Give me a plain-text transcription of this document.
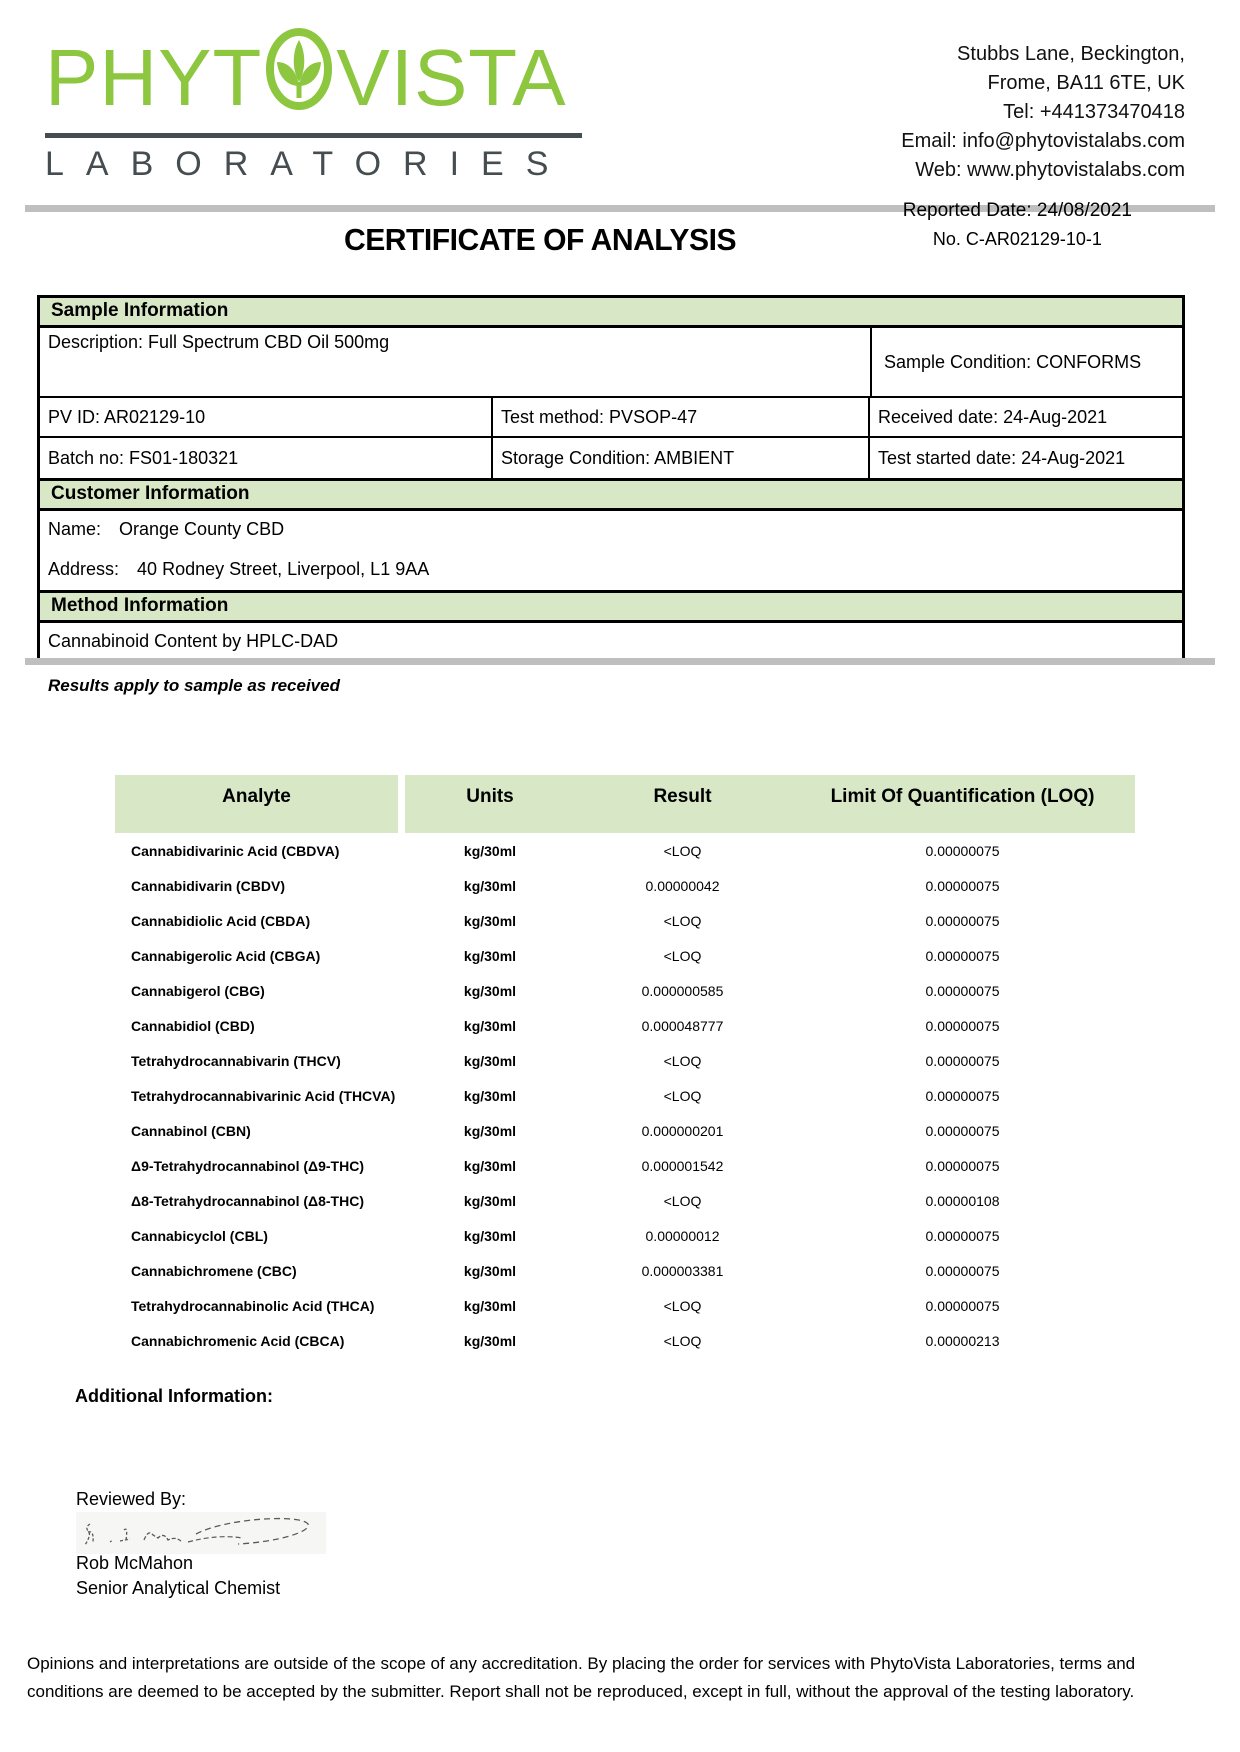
PHYT VISTA
LABORATORIES
Stubbs Lane, Beckington,
Frome, BA11 6TE, UK
Tel: +441373470418
Email: info@phytovistalabs.com
Web: www.phytovistalabs.com
CERTIFICATE OF ANALYSIS
Reported Date: 24/08/2021
No. C-AR02129-10-1
Sample Information
Description: Full Spectrum CBD Oil 500mg
Sample Condition: CONFORMS
PV ID: AR02129-10	Test method: PVSOP-47	Received date: 24-Aug-2021
Batch no: FS01-180321	Storage Condition: AMBIENT	Test started date: 24-Aug-2021
Customer Information
Name: Orange County CBD
Address: 40 Rodney Street, Liverpool, L1 9AA
Method Information
Cannabinoid Content by HPLC-DAD
Results apply to sample as received
Analyte	Units	Result	Limit Of Quantification (LOQ)
Cannabidivarinic Acid (CBDVA)	kg/30ml	<LOQ	0.00000075
Cannabidivarin (CBDV)	kg/30ml	0.00000042	0.00000075
Cannabidiolic Acid (CBDA)	kg/30ml	<LOQ	0.00000075
Cannabigerolic Acid (CBGA)	kg/30ml	<LOQ	0.00000075
Cannabigerol (CBG)	kg/30ml	0.000000585	0.00000075
Cannabidiol (CBD)	kg/30ml	0.000048777	0.00000075
Tetrahydrocannabivarin (THCV)	kg/30ml	<LOQ	0.00000075
Tetrahydrocannabivarinic Acid (THCVA)	kg/30ml	<LOQ	0.00000075
Cannabinol (CBN)	kg/30ml	0.000000201	0.00000075
Δ9-Tetrahydrocannabinol (Δ9-THC)	kg/30ml	0.000001542	0.00000075
Δ8-Tetrahydrocannabinol (Δ8-THC)	kg/30ml	<LOQ	0.00000108
Cannabicyclol (CBL)	kg/30ml	0.00000012	0.00000075
Cannabichromene (CBC)	kg/30ml	0.000003381	0.00000075
Tetrahydrocannabinolic Acid (THCA)	kg/30ml	<LOQ	0.00000075
Cannabichromenic Acid (CBCA)	kg/30ml	<LOQ	0.00000213
Additional Information:
Reviewed By:
Rob McMahon
Senior Analytical Chemist
Opinions and interpretations are outside of the scope of any accreditation. By placing the order for services with PhytoVista Laboratories, terms and conditions are deemed to be accepted by the submitter. Report shall not be reproduced, except in full, without the approval of the testing laboratory.
